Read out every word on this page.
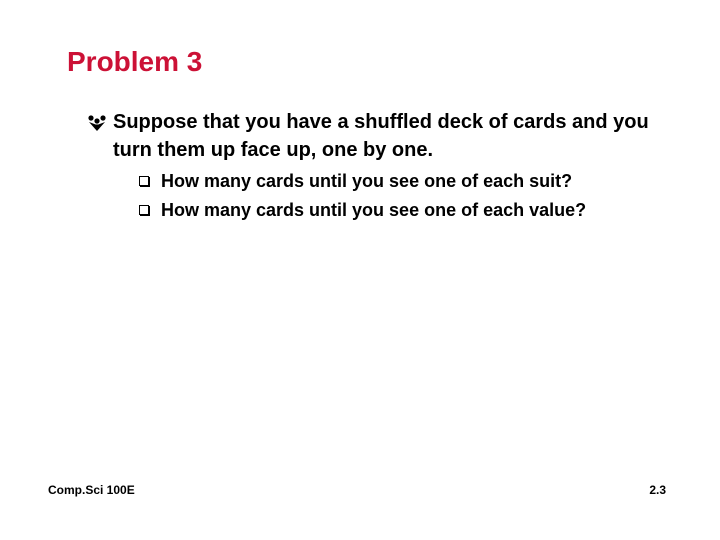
Problem 3
Suppose that you have a shuffled deck of cards and you turn them up face up, one by one.
How many cards until you see one of each suit?
How many cards until you see one of each value?
Comp.Sci 100E	2.3
